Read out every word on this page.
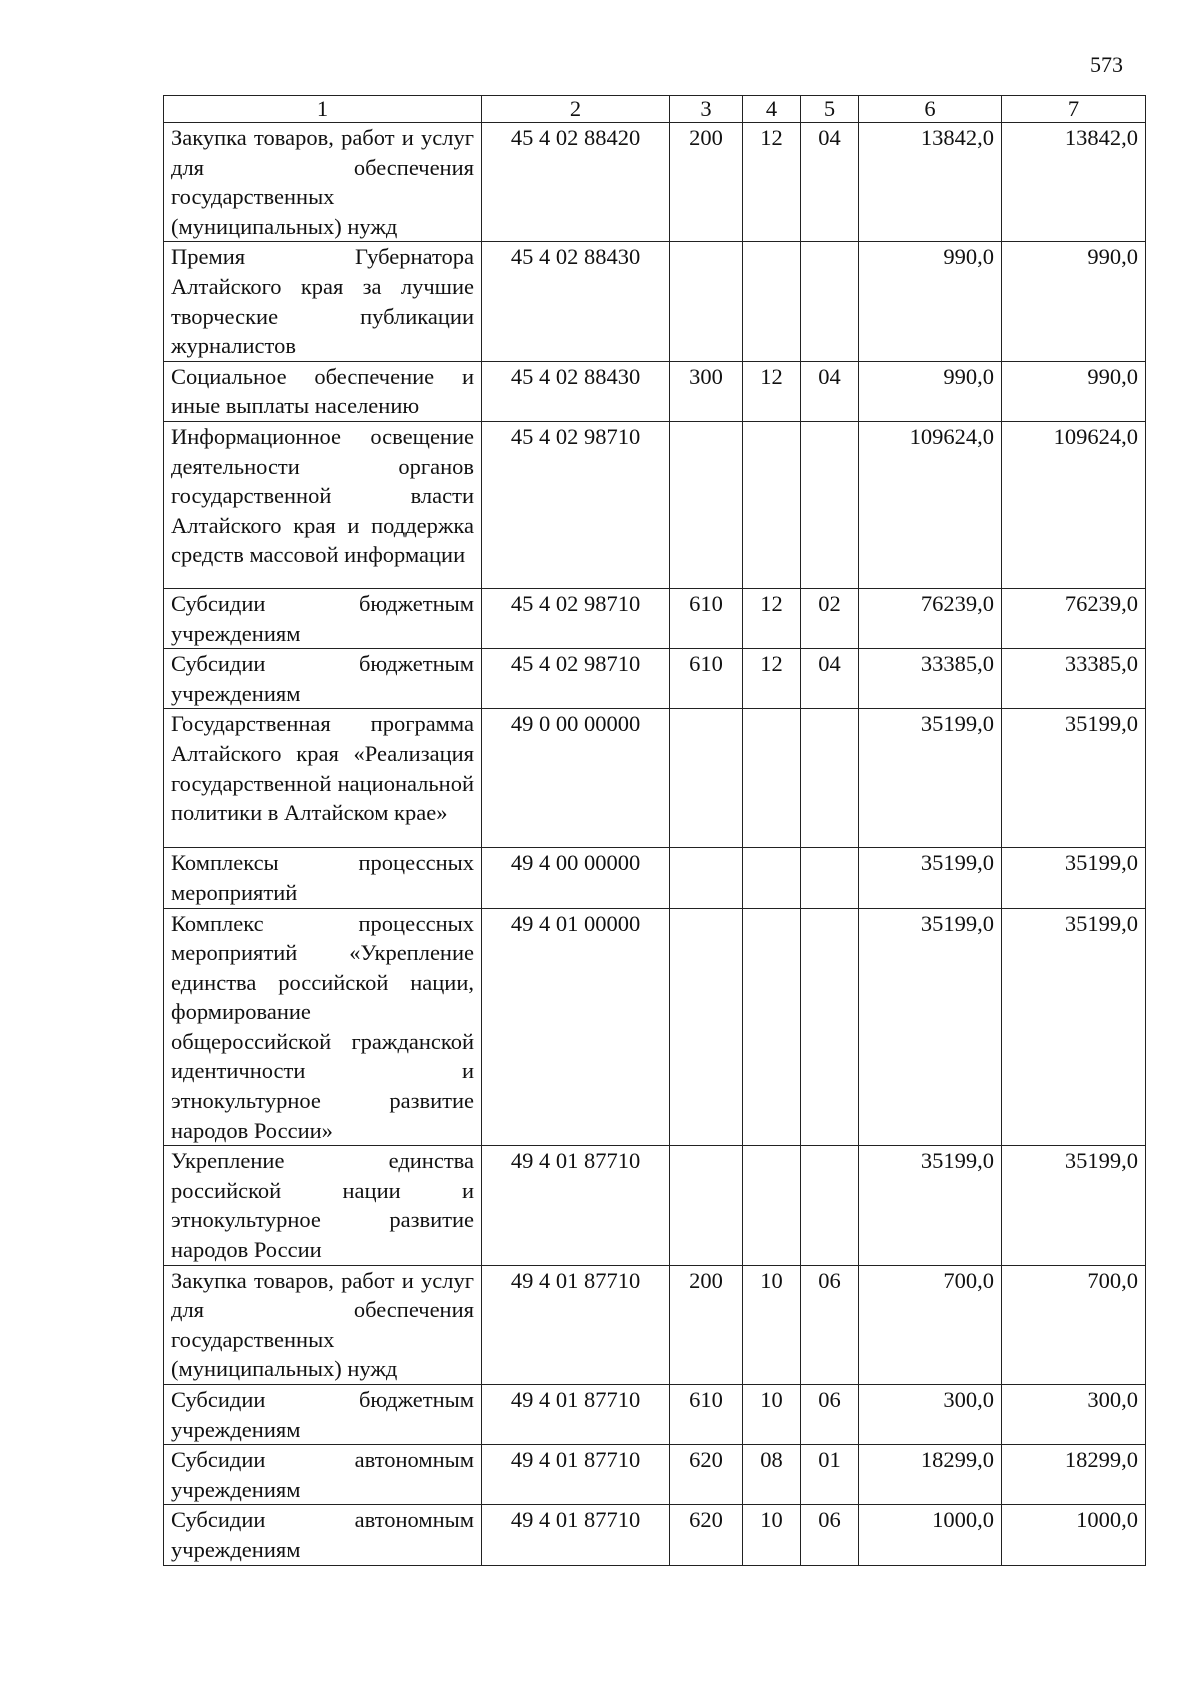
573
1	2	3	4	5	6	7
Закупка товаров, работ и услуг для обеспечения государственных (муниципальных) нужд	45 4 02 88420	200	12	04	13842,0	13842,0
Премия Губернатора Алтайского края за лучшие творческие публикации журналистов	45 4 02 88430				990,0	990,0
Социальное обеспечение и иные выплаты населению	45 4 02 88430	300	12	04	990,0	990,0
Информационное освещение деятельности органов государственной власти Алтайского края и поддержка средств массовой информации	45 4 02 98710				109624,0	109624,0
Субсидии бюджетным учреждениям	45 4 02 98710	610	12	02	76239,0	76239,0
Субсидии бюджетным учреждениям	45 4 02 98710	610	12	04	33385,0	33385,0
Государственная программа Алтайского края «Реализация государственной национальной политики в Алтайском крае»	49 0 00 00000				35199,0	35199,0
Комплексы процессных мероприятий	49 4 00 00000				35199,0	35199,0
Комплекс процессных мероприятий «Укрепление единства российской нации, формирование общероссийской гражданской идентичности и этнокультурное развитие народов России»	49 4 01 00000				35199,0	35199,0
Укрепление единства российской нации и этнокультурное развитие народов России	49 4 01 87710				35199,0	35199,0
Закупка товаров, работ и услуг для обеспечения государственных (муниципальных) нужд	49 4 01 87710	200	10	06	700,0	700,0
Субсидии бюджетным учреждениям	49 4 01 87710	610	10	06	300,0	300,0
Субсидии автономным учреждениям	49 4 01 87710	620	08	01	18299,0	18299,0
Субсидии автономным учреждениям	49 4 01 87710	620	10	06	1000,0	1000,0
